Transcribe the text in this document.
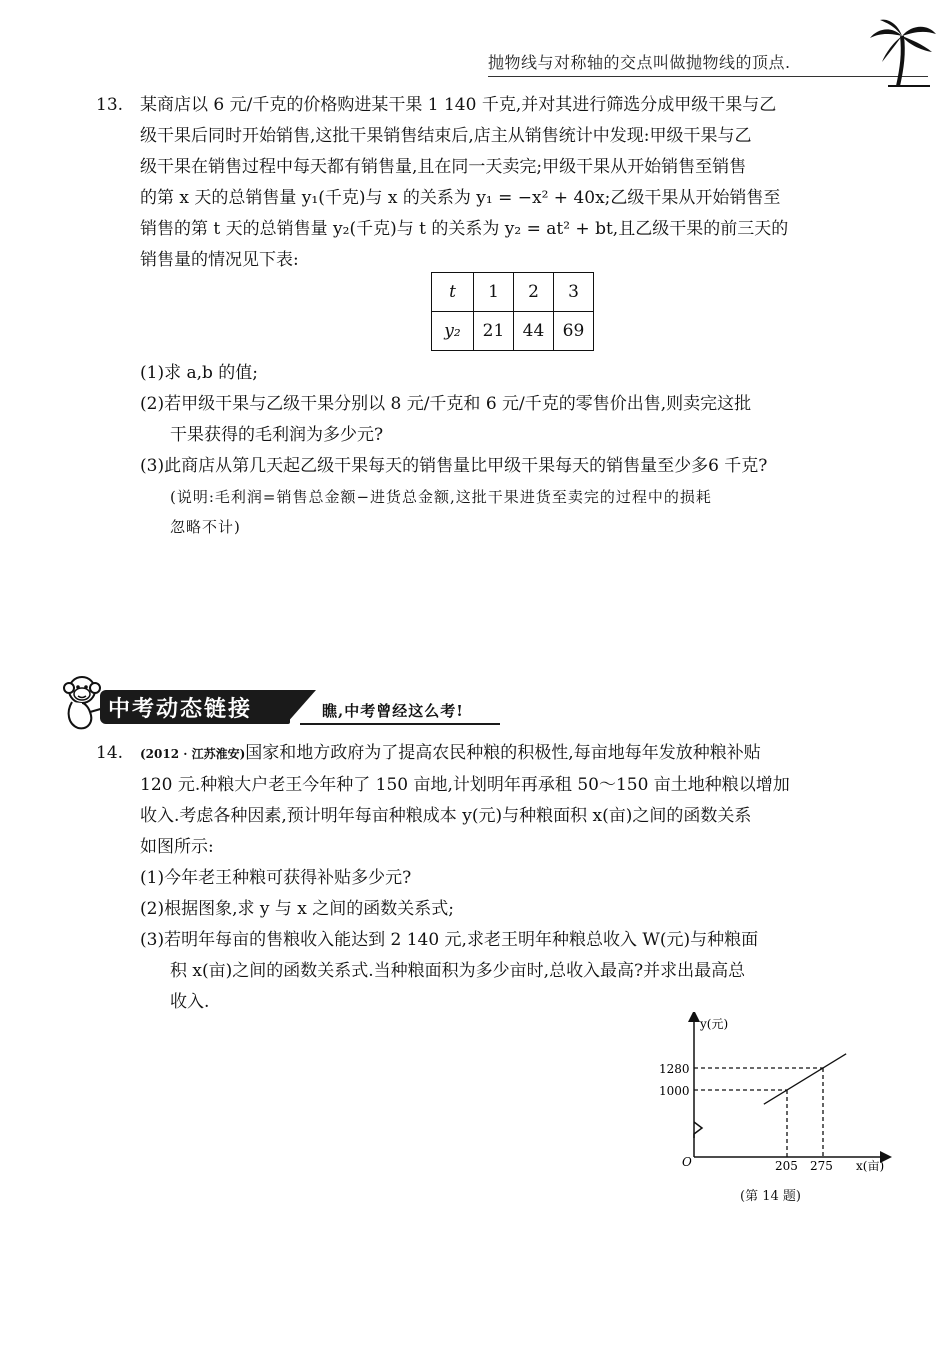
抛物线与对称轴的交点叫做抛物线的顶点.
13. 某商店以 6 元/千克的价格购进某干果 1 140 千克,并对其进行筛选分成甲级干果与乙
级干果后同时开始销售,这批干果销售结束后,店主从销售统计中发现:甲级干果与乙
级干果在销售过程中每天都有销售量,且在同一天卖完;甲级干果从开始销售至销售
的第 x 天的总销售量 y₁(千克)与 x 的关系为 y₁ = −x² + 40x;乙级干果从开始销售至
销售的第 t 天的总销售量 y₂(千克)与 t 的关系为 y₂ = at² + bt,且乙级干果的前三天的
销售量的情况见下表:
t	1	2	3
y₂	21	44	69
(1)求 a,b 的值;
(2)若甲级干果与乙级干果分别以 8 元/千克和 6 元/千克的零售价出售,则卖完这批
干果获得的毛利润为多少元?
(3)此商店从第几天起乙级干果每天的销售量比甲级干果每天的销售量至少多6 千克?
(说明:毛利润=销售总金额−进货总金额,这批干果进货至卖完的过程中的损耗
忽略不计)
中考动态链接	瞧,中考曾经这么考!
14. (2012 · 江苏淮安)国家和地方政府为了提高农民种粮的积极性,每亩地每年发放种粮补贴
120 元.种粮大户老王今年种了 150 亩地,计划明年再承租 50～150 亩土地种粮以增加
收入.考虑各种因素,预计明年每亩种粮成本 y(元)与种粮面积 x(亩)之间的函数关系
如图所示:
(1)今年老王种粮可获得补贴多少元?
(2)根据图象,求 y 与 x 之间的函数关系式;
(3)若明年每亩的售粮收入能达到 2 140 元,求老王明年种粮总收入 W(元)与种粮面
积 x(亩)之间的函数关系式.当种粮面积为多少亩时,总收入最高?并求出最高总
收入.
y(元)
x(亩)
O
1280
1000
205 275
(第 14 题)
